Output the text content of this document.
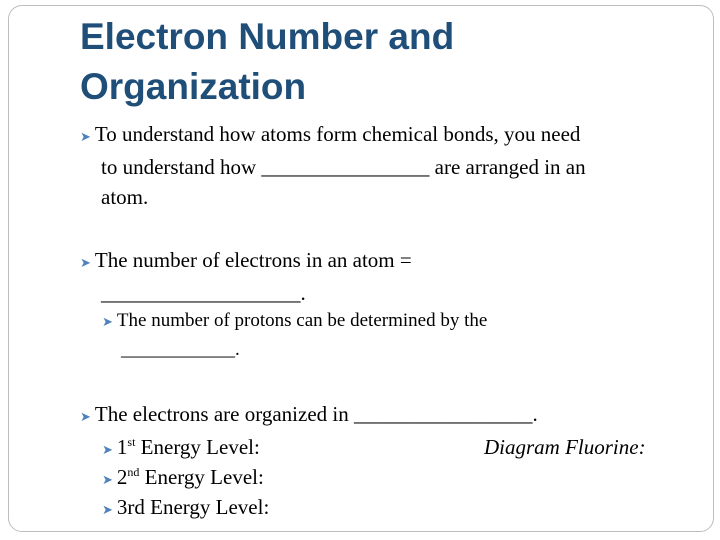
Electron Number and
Organization
➤ To understand how atoms form chemical bonds, you need
to understand how ________________ are arranged in an
atom.
➤ The number of electrons in an atom =
___________________.
➤ The number of protons can be determined by the
____________.
➤ The electrons are organized in _________________.
➤ 1st Energy Level:
➤ 2nd Energy Level:
➤ 3rd Energy Level:
Diagram Fluorine:
